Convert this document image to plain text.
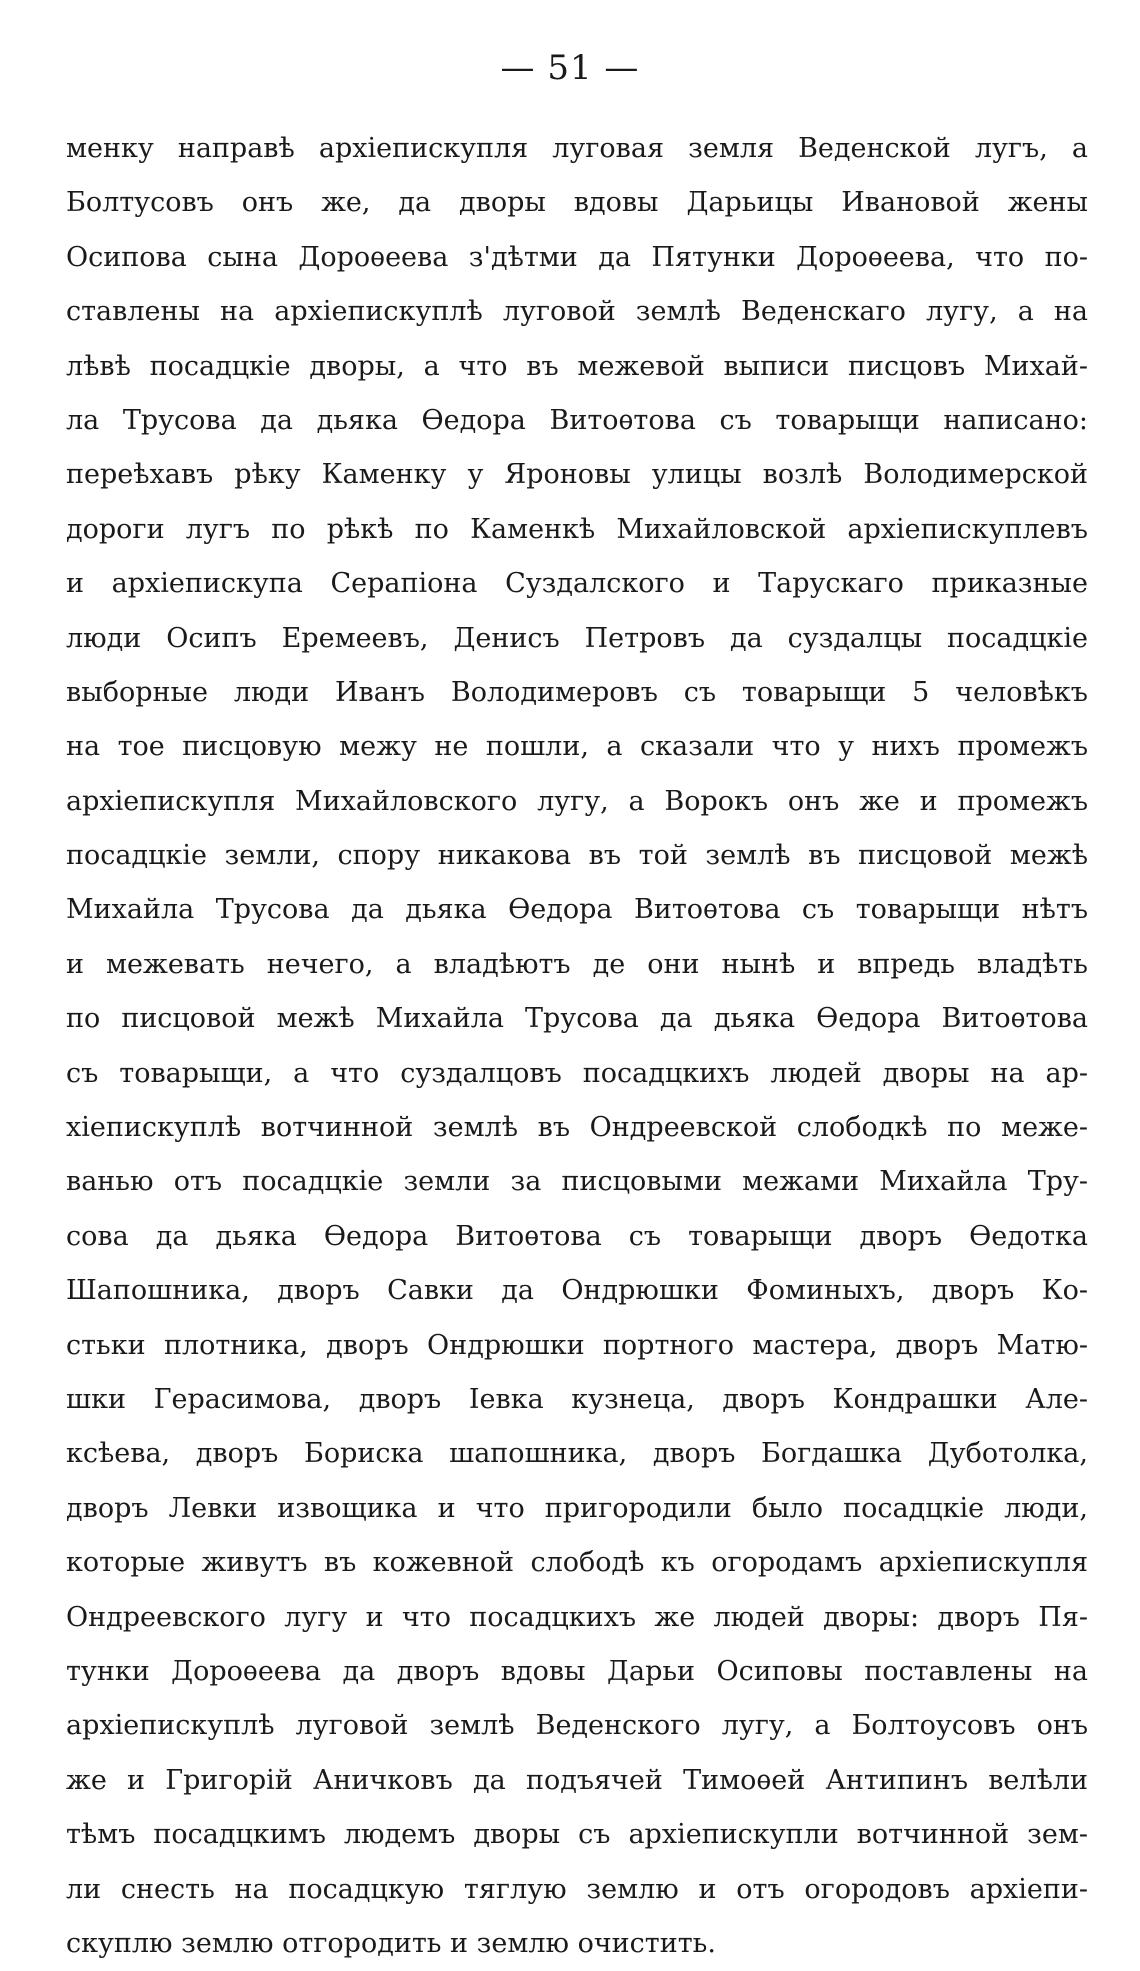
— 51 —
менку направѣ архіепискупля луговая земля Веденской лугъ, а
Болтусовъ онъ же, да дворы вдовы Дарьицы Ивановой жены
Осипова сына Дороѳеева з'дѣтми да Пятунки Дороѳеева, что по-
ставлены на архіепискуплѣ луговой землѣ Веденскаго лугу, а на
лѣвѣ посадцкіе дворы, а что въ межевой выписи писцовъ Михай-
ла Трусова да дьяка Ѳедора Витоѳтова съ товарыщи написано:
переѣхавъ рѣку Каменку у Яроновы улицы возлѣ Володимерской
дороги лугъ по рѣкѣ по Каменкѣ Михайловской архіепискуплевъ
и архіепискупа Серапіона Суздалского и Тарускаго приказные
люди Осипъ Еремеевъ, Денисъ Петровъ да суздалцы посадцкіе
выборные люди Иванъ Володимеровъ съ товарыщи 5 человѣкъ
на тое писцовую межу не пошли, а сказали что у нихъ промежъ
архіепискупля Михайловского лугу, а Ворокъ онъ же и промежъ
посадцкіе земли, спору никакова въ той землѣ въ писцовой межѣ
Михайла Трусова да дьяка Ѳедора Витоѳтова съ товарыщи нѣтъ
и межевать нечего, а владѣютъ де они нынѣ и впредь владѣть
по писцовой межѣ Михайла Трусова да дьяка Ѳедора Витоѳтова
съ товарыщи, а что суздалцовъ посадцкихъ людей дворы на ар-
хіепискуплѣ вотчинной землѣ въ Ондреевской слободкѣ по меже-
ванью отъ посадцкіе земли за писцовыми межами Михайла Тру-
сова да дьяка Ѳедора Витоѳтова съ товарыщи дворъ Ѳедотка
Шапошника, дворъ Савки да Ондрюшки Фоминыхъ, дворъ Ко-
стьки плотника, дворъ Ондрюшки портного мастера, дворъ Матю-
шки Герасимова, дворъ Іевка кузнеца, дворъ Кондрашки Але-
ксѣева, дворъ Бориска шапошника, дворъ Богдашка Дуботолка,
дворъ Левки извощика и что пригородили было посадцкіе люди,
которые живутъ въ кожевной слободѣ къ огородамъ архіепискупля
Ондреевского лугу и что посадцкихъ же людей дворы: дворъ Пя-
тунки Дороѳеева да дворъ вдовы Дарьи Осиповы поставлены на
архіепискуплѣ луговой землѣ Веденского лугу, а Болтоусовъ онъ
же и Григорій Аничковъ да подъячей Тимоѳей Антипинъ велѣли
тѣмъ посадцкимъ людемъ дворы съ архіепискупли вотчинной зем-
ли снесть на посадцкую тяглую землю и отъ огородовъ архіепи-
скуплю землю отгородить и землю очистить.
